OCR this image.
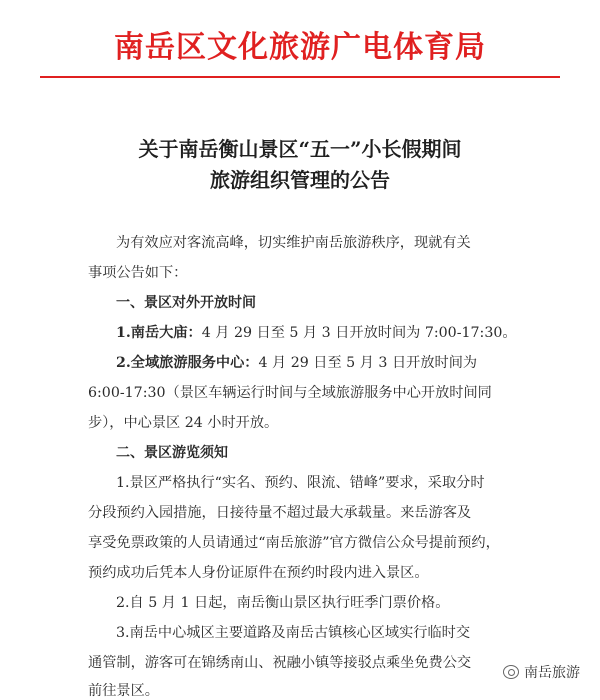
南岳区文化旅游广电体育局
关于南岳衡山景区“五一”小长假期间
旅游组织管理的公告
为有效应对客流高峰，切实维护南岳旅游秩序，现就有关
事项公告如下：
一、景区对外开放时间
1.南岳大庙：4 月 29 日至 5 月 3 日开放时间为 7:00-17:30。
2.全域旅游服务中心：4 月 29 日至 5 月 3 日开放时间为
6:00-17:30（景区车辆运行时间与全域旅游服务中心开放时间同
步），中心景区 24 小时开放。
二、景区游览须知
1.景区严格执行“实名、预约、限流、错峰”要求，采取分时
分段预约入园措施，日接待量不超过最大承载量。来岳游客及
享受免票政策的人员请通过“南岳旅游”官方微信公众号提前预约，
预约成功后凭本人身份证原件在预约时段内进入景区。
2.自 5 月 1 日起，南岳衡山景区执行旺季门票价格。
3.南岳中心城区主要道路及南岳古镇核心区域实行临时交
通管制，游客可在锦绣南山、祝融小镇等接驳点乘坐免费公交
前往景区。
南岳旅游
